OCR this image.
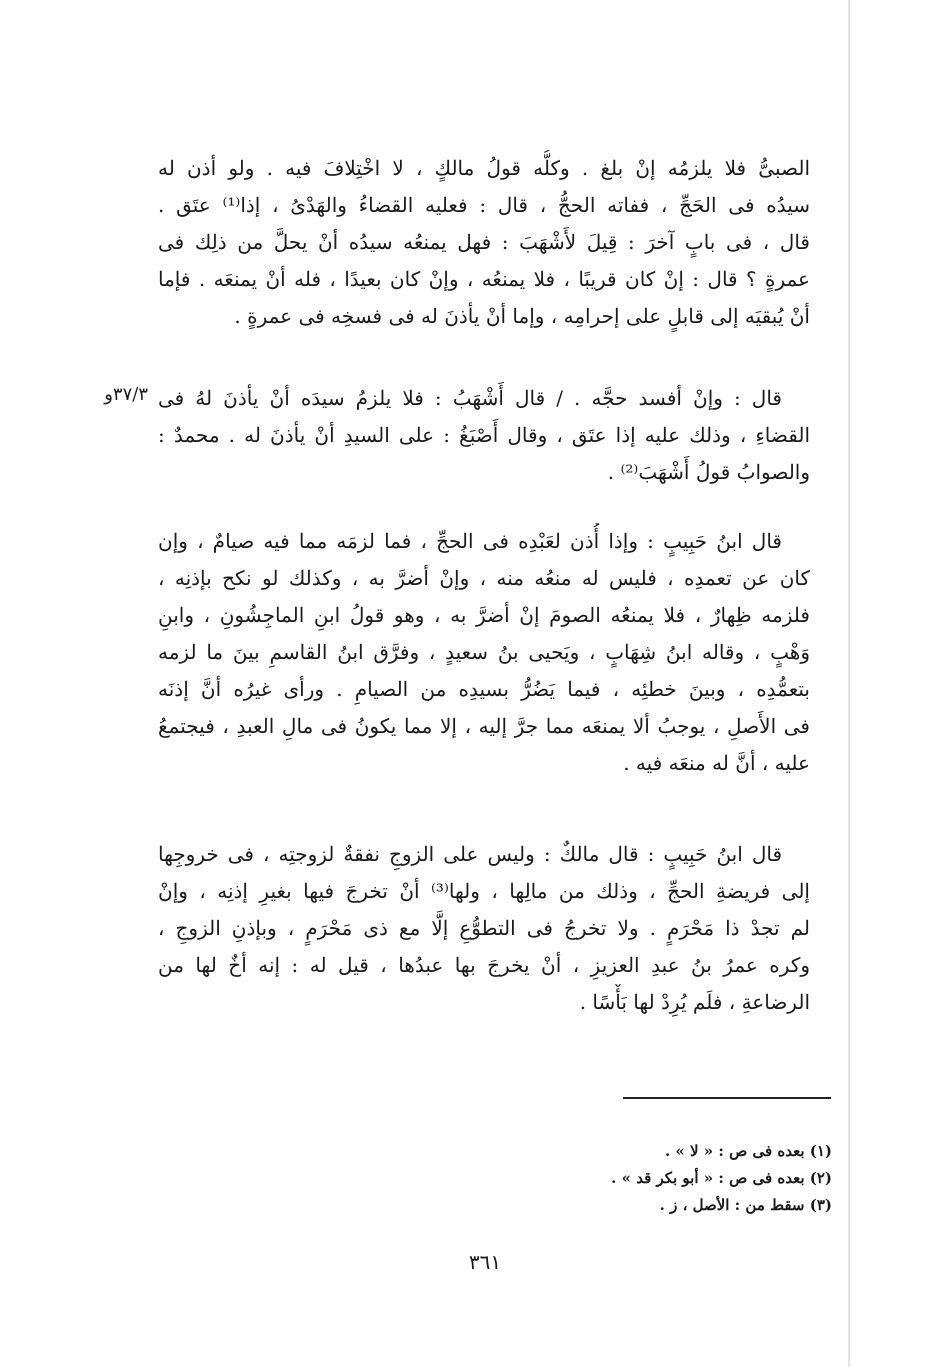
الصبىُّ فلا يلزمُه إنْ بلغ . وكلُّه قولُ مالكٍ ، لا اخْتِلافَ فيه . ولو أذن له
سيدُه فى الحَجِّ ، ففاته الحجُّ ، قال : فعليه القضاءُ والهَدْىُ ، إذا⁽¹⁾ عتَق .
قال ، فى بابٍ آخرَ : قِيلَ لأَشْهَبَ : فهل يمنعُه سيدُه أنْ يحلَّ من ذلِك فى
عمرةٍ ؟ قال : إنْ كان قريبًا ، فلا يمنعُه ، وإنْ كان بعيدًا ، فله أنْ يمنعَه . فإما
أنْ يُبقيَه إلى قابلٍ على إحرامِه ، وإما أنْ يأذنَ له فى فسخِه فى عمرةٍ .
٣٧/٣و قال : وإنْ أفسد حجَّه . / قال أَشْهَبُ : فلا يلزمُ سيدَه أنْ يأذنَ لهُ فى
القضاءِ ، وذلك عليه إذا عتَق ، وقال أَصْبَغُ : على السيدِ أنْ يأذنَ له . محمدٌ :
والصوابُ قولُ أَشْهَبَ⁽²⁾ .
قال ابنُ حَبِيبٍ : وإذا أُذن لعَبْدِه فى الحجِّ ، فما لزمَه مما فيه صيامٌ ، وإن
كان عن تعمدِه ، فليس له منعُه منه ، وإنْ أضرَّ به ، وكذلك لو نكح بإذنِه ،
فلزمه ظِهارٌ ، فلا يمنعُه الصومَ إنْ أضرَّ به ، وهو قولُ ابنِ الماجِشُونِ ، وابنِ
وَهْبٍ ، وقاله ابنُ شِهَابٍ ، ويَحيى بنُ سعيدٍ ، وفرَّق ابنُ القاسمِ بينَ ما لزمه
بتعمُّدِه ، وبينَ خطئِه ، فيما يَضُرُّ بسيدِه من الصيامِ . ورأى غيرُه أنَّ إذنَه
فى الأَصلِ ، يوجبُ ألا يمنعَه مما جرَّ إليه ، إلا مما يكونُ فى مالِ العبدِ ، فيجتمعُ
عليه ، أنَّ له منعَه فيه .
قال ابنُ حَبِيبٍ : قال مالكٌ : وليس على الزوجِ نفقةٌ لزوجتِه ، فى خروجِها
إلى فريضةِ الحجِّ ، وذلك من مالِها ، ولها⁽³⁾ أنْ تخرجَ فيها بغيرِ إذنِه ، وإنْ
لم تجدْ ذا مَحْرَمٍ . ولا تخرجُ فى التطوُّعِ إلَّا مع ذى مَحْرَمٍ ، وبإذنِ الزوجِ ،
وكره عمرُ بنُ عبدِ العزيزِ ، أنْ يخرجَ بها عبدُها ، قيل له : إنه أخٌ لها من
الرضاعةِ ، فلَم يُرِدْ لها بَأْسًا .
(١) بعده فى ص : « لا » .
(٢) بعده فى ص : « أبو بكر قد » .
(٣) سقط من : الأصل ، ز .
٣٦١
